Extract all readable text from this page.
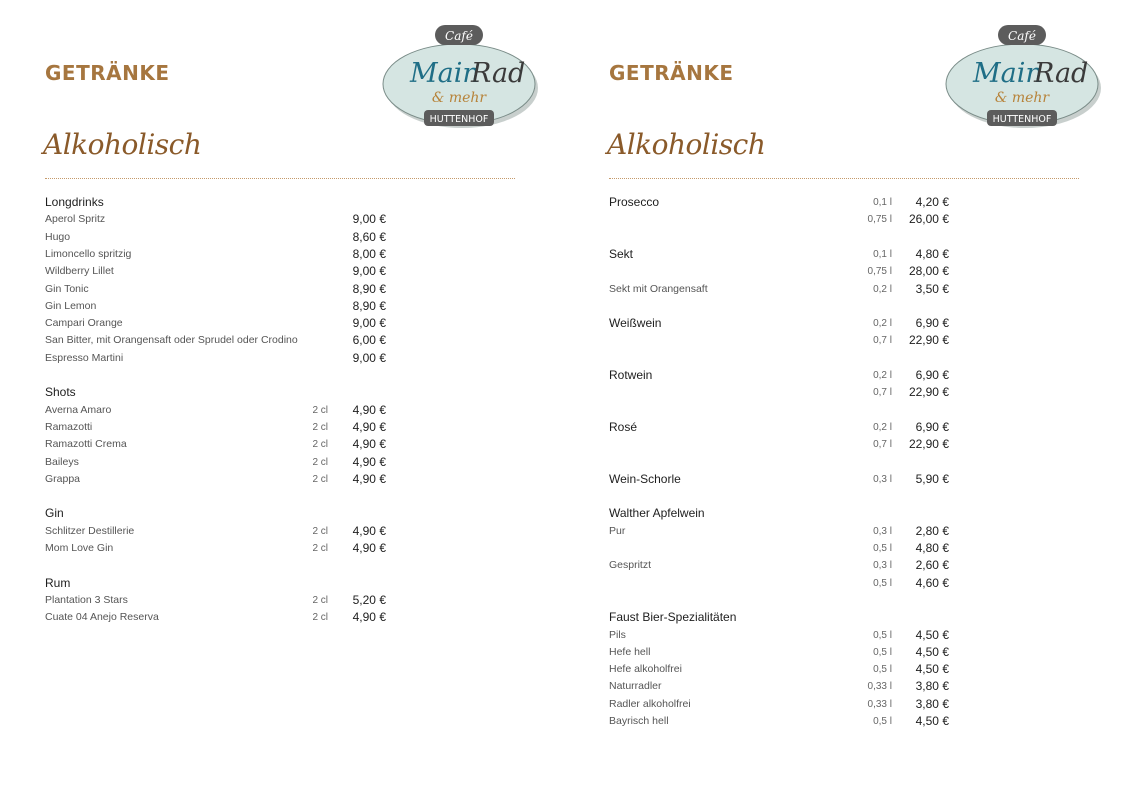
GETRÄNKE
Café
Main
Rad
& mehr
HUTTENHOF
Alkoholisch
Longdrinks
Aperol Spritz	9,00 €
Hugo	8,60 €
Limoncello spritzig	8,00 €
Wildberry Lillet	9,00 €
Gin Tonic	8,90 €
Gin Lemon	8,90 €
Campari Orange	9,00 €
San Bitter, mit Orangensaft oder Sprudel oder Crodino	6,00 €
Espresso Martini	9,00 €
Shots
Averna Amaro	2 cl 4,90 €
Ramazotti	2 cl 4,90 €
Ramazotti Crema	2 cl 4,90 €
Baileys	2 cl 4,90 €
Grappa	2 cl 4,90 €
Gin
Schlitzer Destillerie	2 cl 4,90 €
Mom Love Gin	2 cl 4,90 €
Rum
Plantation 3 Stars	2 cl 5,20 €
Cuate 04 Anejo Reserva	2 cl 4,90 €
GETRÄNKE
Café
Main
Rad
& mehr
HUTTENHOF
Alkoholisch
Prosecco	0,1 l 4,20 €
0,75 l 26,00 €
Sekt	0,1 l 4,80 €
0,75 l 28,00 €
Sekt mit Orangensaft	0,2 l 3,50 €
Weißwein	0,2 l 6,90 €
0,7 l 22,90 €
Rotwein	0,2 l 6,90 €
0,7 l 22,90 €
Rosé	0,2 l 6,90 €
0,7 l 22,90 €
Wein-Schorle	0,3 l 5,90 €
Walther Apfelwein
Pur	0,3 l 2,80 €
0,5 l 4,80 €
Gespritzt	0,3 l 2,60 €
0,5 l 4,60 €
Faust Bier-Spezialitäten
Pils	0,5 l 4,50 €
Hefe hell	0,5 l 4,50 €
Hefe alkoholfrei	0,5 l 4,50 €
Naturradler	0,33 l 3,80 €
Radler alkoholfrei	0,33 l 3,80 €
Bayrisch hell	0,5 l 4,50 €
